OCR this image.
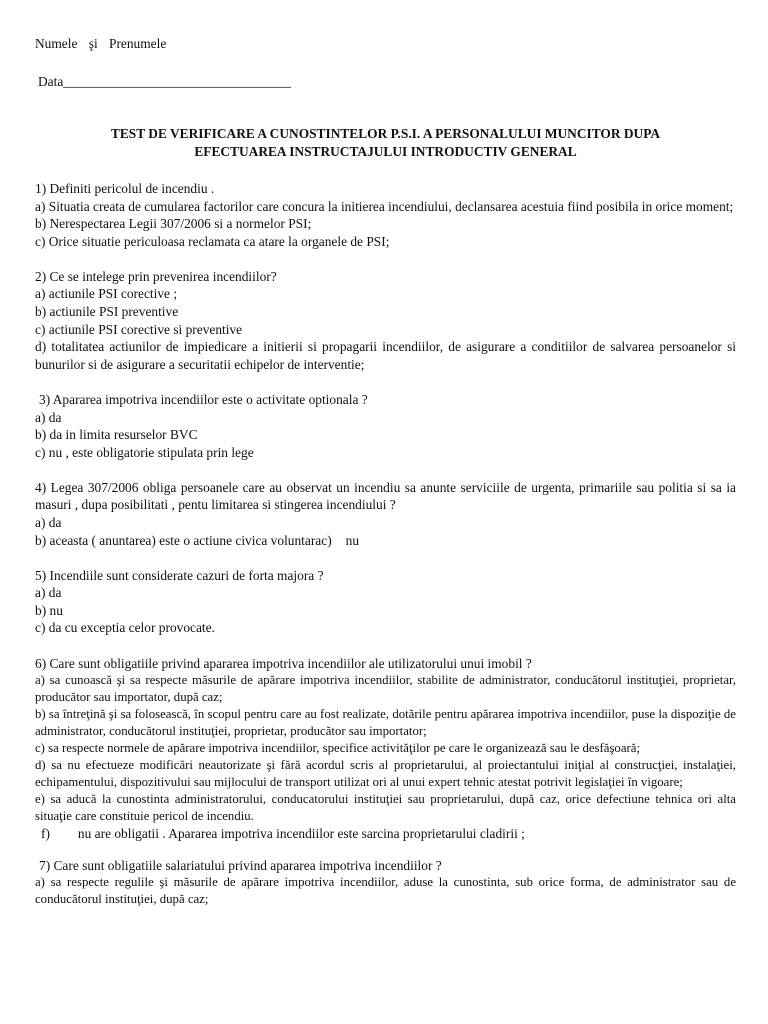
Numele şi Prenumele
Data__________________________________
TEST DE VERIFICARE A CUNOSTINTELOR P.S.I. A PERSONALULUI MUNCITOR DUPA
EFECTUAREA INSTRUCTAJULUI INTRODUCTIV GENERAL
1) Definiti pericolul de incendiu .
a) Situatia creata de cumularea factorilor care concura la initierea incendiului, declansarea acestuia fiind posibila in orice moment;
b) Nerespectarea Legii 307/2006 si a normelor PSI;
c) Orice situatie periculoasa reclamata ca atare la organele de PSI;
2) Ce se intelege prin prevenirea incendiilor?
a) actiunile PSI corective ;
b) actiunile PSI preventive
c) actiunile PSI corective si preventive
d) totalitatea actiunilor de impiedicare a initierii si propagarii incendiilor, de asigurare a conditiilor de salvarea persoanelor si bunurilor si de asigurare a securitatii echipelor de interventie;
3) Apararea impotriva incendiilor este o activitate optionala ?
a) da
b) da in limita resurselor BVC
c) nu , este obligatorie stipulata prin lege
4) Legea 307/2006 obliga persoanele care au observat un incendiu sa anunte serviciile de urgenta, primariile sau politia si sa ia masuri , dupa posibilitati , pentu limitarea si stingerea incendiului ?
a) da
b) aceasta ( anuntarea) este o actiune civica voluntarac) nu
5) Incendiile sunt considerate cazuri de forta majora ?
a) da
b) nu
c) da cu exceptia celor provocate.
6) Care sunt obligatiile privind apararea impotriva incendiilor ale utilizatorului unui imobil ?
a) sa cunoască şi sa respecte măsurile de apărare impotriva incendiilor, stabilite de administrator, conducătorul instituţiei, proprietar, producător sau importator, după caz;
b) sa întreţină şi sa folosească, în scopul pentru care au fost realizate, dotările pentru apărarea impotriva incendiilor, puse la dispoziţie de administrator, conducătorul instituţiei, proprietar, producător sau importator;
c) sa respecte normele de apărare impotriva incendiilor, specifice activităţilor pe care le organizează sau le desfăşoară;
d) sa nu efectueze modificări neautorizate şi fără acordul scris al proprietarului, al proiectantului iniţial al construcţiei, instalaţiei, echipamentului, dispozitivului sau mijlocului de transport utilizat ori al unui expert tehnic atestat potrivit legislaţiei în vigoare;
e) sa aducă la cunostinta administratorului, conducatorului instituţiei sau proprietarului, după caz, orice defectiune tehnica ori alta situaţie care constituie pericol de incendiu.
f) nu are obligatii . Apararea impotriva incendiilor este sarcina proprietarului cladirii ;
7) Care sunt obligatiile salariatului privind apararea impotriva incendiilor ?
a) sa respecte regulile şi măsurile de apărare impotriva incendiilor, aduse la cunostinta, sub orice forma, de administrator sau de conducătorul instituţiei, după caz;
